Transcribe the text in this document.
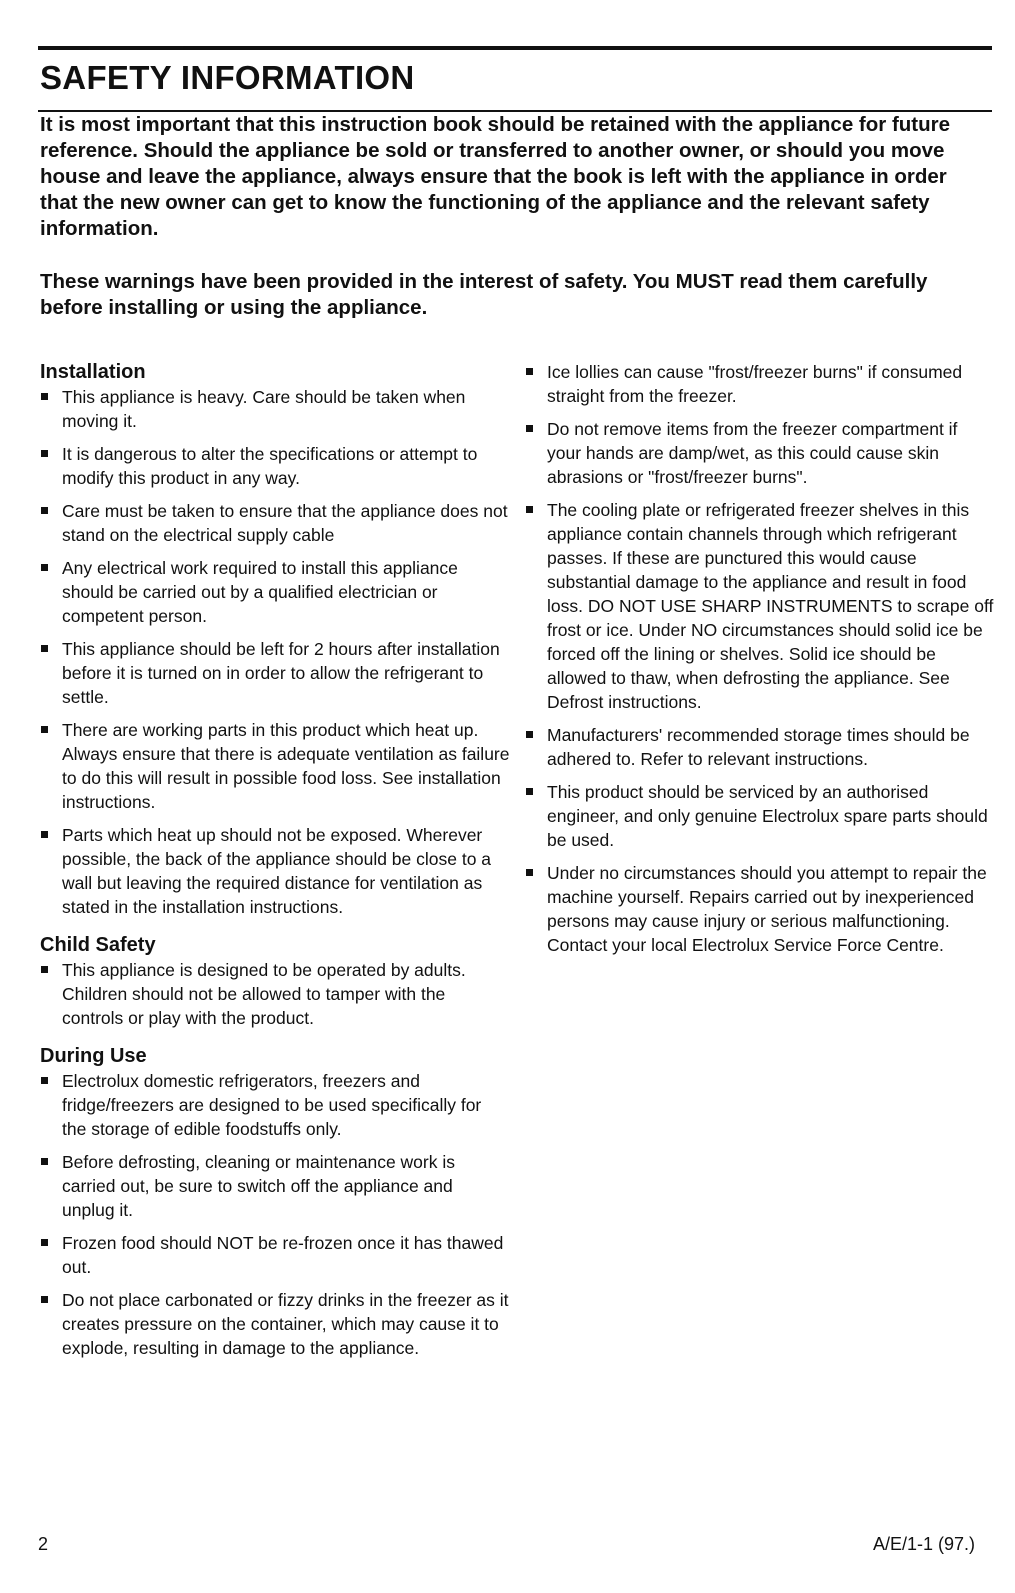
SAFETY INFORMATION

It is most important that this instruction book should be retained with the appliance for future reference. Should the appliance be sold or transferred to another owner, or should you move house and leave the appliance, always ensure that the book is left with the appliance in order that the new owner can get to know the functioning of the appliance and the relevant safety information.

These warnings have been provided in the interest of safety. You MUST read them carefully before installing or using the appliance.

Installation
This appliance is heavy. Care should be taken when moving it.
It is dangerous to alter the specifications or attempt to modify this product in any way.
Care must be taken to ensure that the appliance does not stand on the electrical supply cable
Any electrical work required to install this appliance should be carried out by a qualified electrician or competent person.
This appliance should be left for 2 hours after installation before it is turned on in order to allow the refrigerant to settle.
There are working parts in this product which heat up. Always ensure that there is adequate ventilation as failure to do this will result in possible food loss. See installation instructions.
Parts which heat up should not be exposed. Wherever possible, the back of the appliance should be close to a wall but leaving the required distance for ventilation as stated in the installation instructions.
Child Safety
This appliance is designed to be operated by adults. Children should not be allowed to tamper with the controls or play with the product.
During Use
Electrolux domestic refrigerators, freezers and fridge/freezers are designed to be used specifically for the storage of edible foodstuffs only.
Before defrosting, cleaning or maintenance work is carried out, be sure to switch off the appliance and unplug it.
Frozen food should NOT be re-frozen once it has thawed out.
Do not place carbonated or fizzy drinks in the freezer as it creates pressure on the container, which may cause it to explode, resulting in damage to the appliance.
Ice lollies can cause "frost/freezer burns" if consumed straight from the freezer.
Do not remove items from the freezer compartment if your hands are damp/wet, as this could cause skin abrasions or "frost/freezer burns".
The cooling plate or refrigerated freezer shelves in this appliance contain channels through which refrigerant passes. If these are punctured this would cause substantial damage to the appliance and result in food loss. DO NOT USE SHARP INSTRUMENTS to scrape off frost or ice. Under NO circumstances should solid ice be forced off the lining or shelves. Solid ice should be allowed to thaw, when defrosting the appliance. See Defrost instructions.
Manufacturers' recommended storage times should be adhered to. Refer to relevant instructions.
This product should be serviced by an authorised engineer, and only genuine Electrolux spare parts should be used.
Under no circumstances should you attempt to repair the machine yourself. Repairs carried out by inexperienced persons may cause injury or serious malfunctioning. Contact your local Electrolux Service Force Centre.
2	A/E/1-1 (97.)
